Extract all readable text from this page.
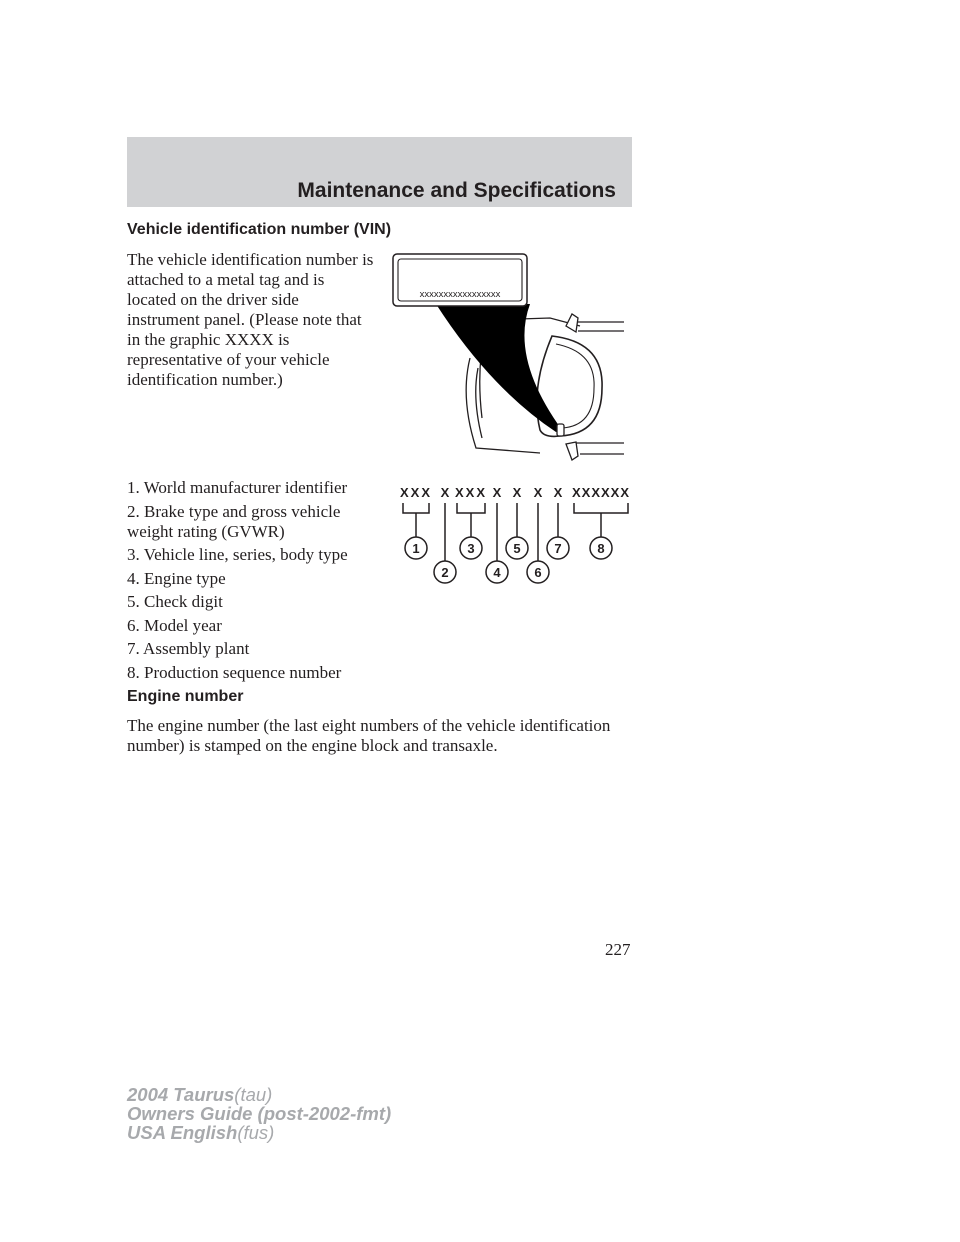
Maintenance and Specifications
Vehicle identification number (VIN)
The vehicle identification number is
attached to a metal tag and is
located on the driver side
instrument panel. (Please note that
in the graphic XXXX is
representative of your vehicle
identification number.)
xxxxxxxxxxxxxxxxx
1. World manufacturer identifier
2. Brake type and gross vehicle
weight rating (GVWR)
3. Vehicle line, series, body type
4. Engine type
5. Check digit
6. Model year
7. Assembly plant
8. Production sequence number
XXX X XXX X X X X XXXXXX
1
2
3
4
5
6
7	8
Engine number
The engine number (the last eight numbers of the vehicle identification
number) is stamped on the engine block and transaxle.
227
2004 Taurus(tau)
Owners Guide (post-2002-fmt)
USA English(fus)
